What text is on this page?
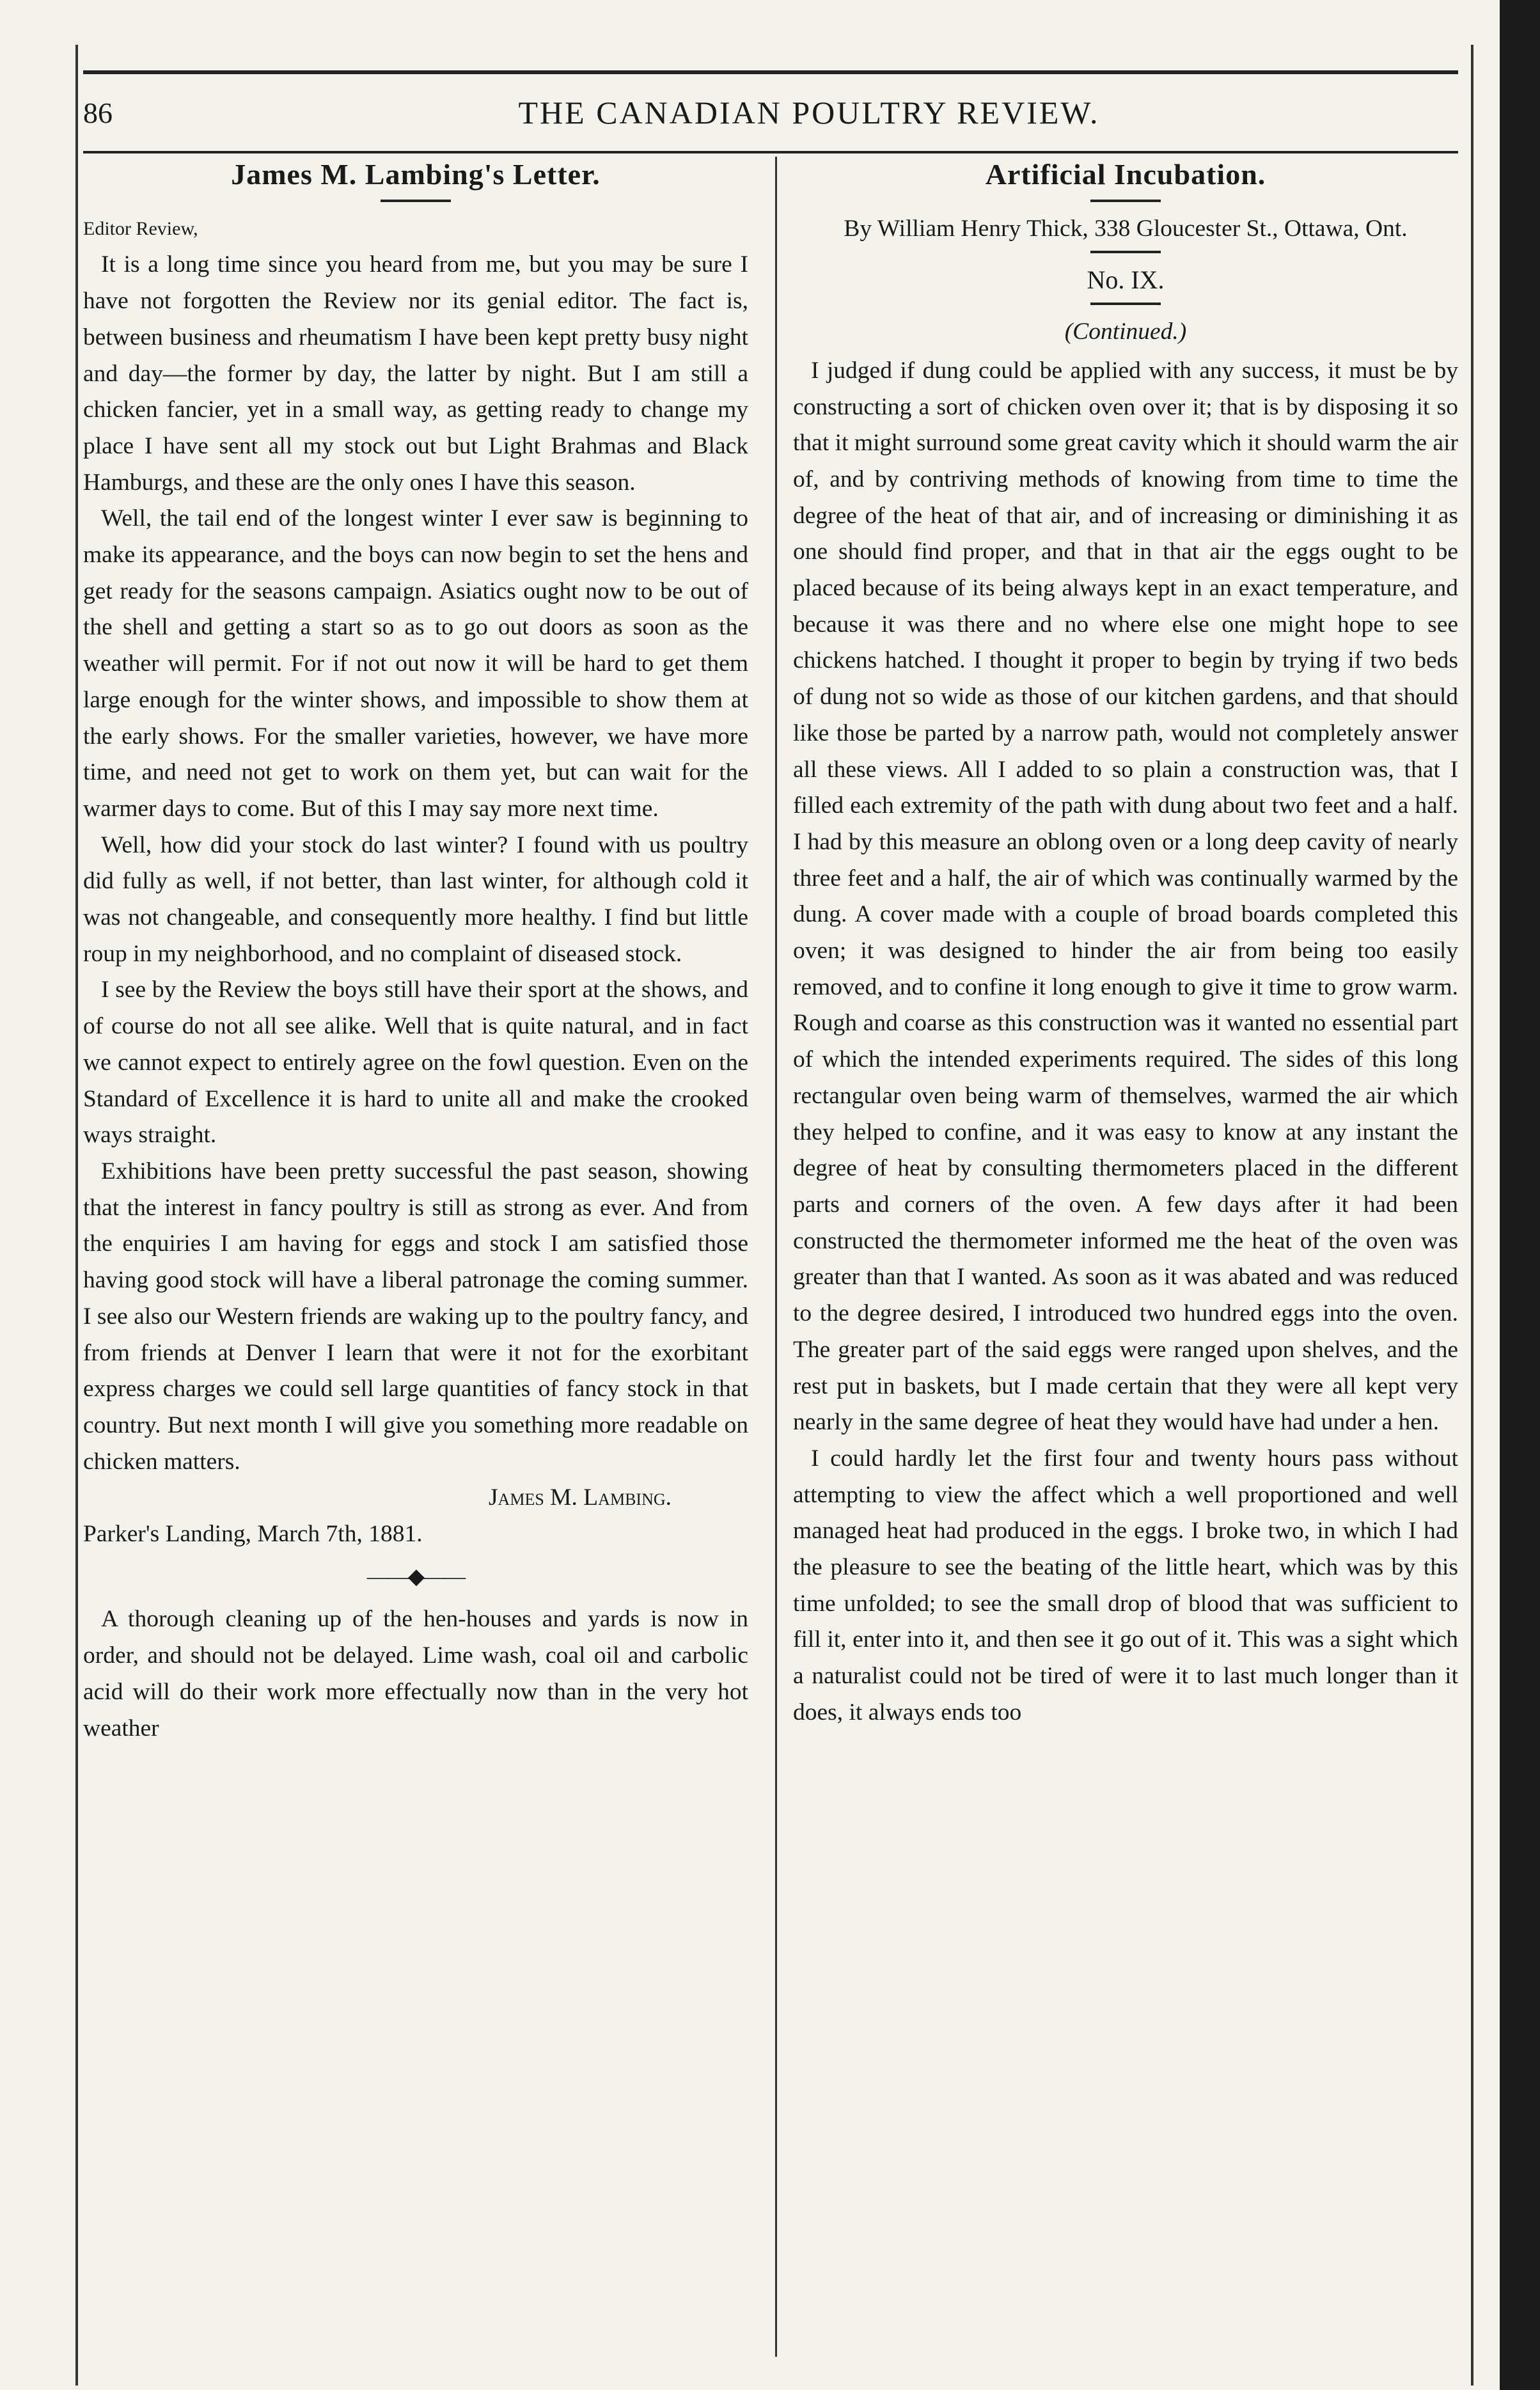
86	THE CANADIAN POULTRY REVIEW.
James M. Lambing's Letter.

Editor Review,

It is a long time since you heard from me, but you may be sure I have not forgotten the Review nor its genial editor. The fact is, between business and rheumatism I have been kept pretty busy night and day—the former by day, the latter by night. But I am still a chicken fancier, yet in a small way, as getting ready to change my place I have sent all my stock out but Light Brahmas and Black Hamburgs, and these are the only ones I have this season.

Well, the tail end of the longest winter I ever saw is beginning to make its appearance, and the boys can now begin to set the hens and get ready for the seasons campaign. Asiatics ought now to be out of the shell and getting a start so as to go out doors as soon as the weather will permit. For if not out now it will be hard to get them large enough for the winter shows, and impossible to show them at the early shows. For the smaller varieties, however, we have more time, and need not get to work on them yet, but can wait for the warmer days to come. But of this I may say more next time.

Well, how did your stock do last winter? I found with us poultry did fully as well, if not better, than last winter, for although cold it was not changeable, and consequently more healthy. I find but little roup in my neighborhood, and no complaint of diseased stock.

I see by the Review the boys still have their sport at the shows, and of course do not all see alike. Well that is quite natural, and in fact we cannot expect to entirely agree on the fowl question. Even on the Standard of Excellence it is hard to unite all and make the crooked ways straight.

Exhibitions have been pretty successful the past season, showing that the interest in fancy poultry is still as strong as ever. And from the enquiries I am having for eggs and stock I am satisfied those having good stock will have a liberal patronage the coming summer. I see also our Western friends are waking up to the poultry fancy, and from friends at Denver I learn that were it not for the exorbitant express charges we could sell large quantities of fancy stock in that country. But next month I will give you something more readable on chicken matters.

James M. Lambing.

Parker's Landing, March 7th, 1881.

——◆——

A thorough cleaning up of the hen-houses and yards is now in order, and should not be delayed. Lime wash, coal oil and carbolic acid will do their work more effectually now than in the very hot weather

Artificial Incubation.

By William Henry Thick, 338 Gloucester St., Ottawa, Ont.

No. IX.
(Continued.)

I judged if dung could be applied with any success, it must be by constructing a sort of chicken oven over it; that is by disposing it so that it might surround some great cavity which it should warm the air of, and by contriving methods of knowing from time to time the degree of the heat of that air, and of increasing or diminishing it as one should find proper, and that in that air the eggs ought to be placed because of its being always kept in an exact temperature, and because it was there and no where else one might hope to see chickens hatched. I thought it proper to begin by trying if two beds of dung not so wide as those of our kitchen gardens, and that should like those be parted by a narrow path, would not completely answer all these views. All I added to so plain a construction was, that I filled each extremity of the path with dung about two feet and a half. I had by this measure an oblong oven or a long deep cavity of nearly three feet and a half, the air of which was continually warmed by the dung. A cover made with a couple of broad boards completed this oven; it was designed to hinder the air from being too easily removed, and to confine it long enough to give it time to grow warm. Rough and coarse as this construction was it wanted no essential part of which the intended experiments required. The sides of this long rectangular oven being warm of themselves, warmed the air which they helped to confine, and it was easy to know at any instant the degree of heat by consulting thermometers placed in the different parts and corners of the oven. A few days after it had been constructed the thermometer informed me the heat of the oven was greater than that I wanted. As soon as it was abated and was reduced to the degree desired, I introduced two hundred eggs into the oven. The greater part of the said eggs were ranged upon shelves, and the rest put in baskets, but I made certain that they were all kept very nearly in the same degree of heat they would have had under a hen.

I could hardly let the first four and twenty hours pass without attempting to view the affect which a well proportioned and well managed heat had produced in the eggs. I broke two, in which I had the pleasure to see the beating of the little heart, which was by this time unfolded; to see the small drop of blood that was sufficient to fill it, enter into it, and then see it go out of it. This was a sight which a naturalist could not be tired of were it to last much longer than it does, it always ends too
